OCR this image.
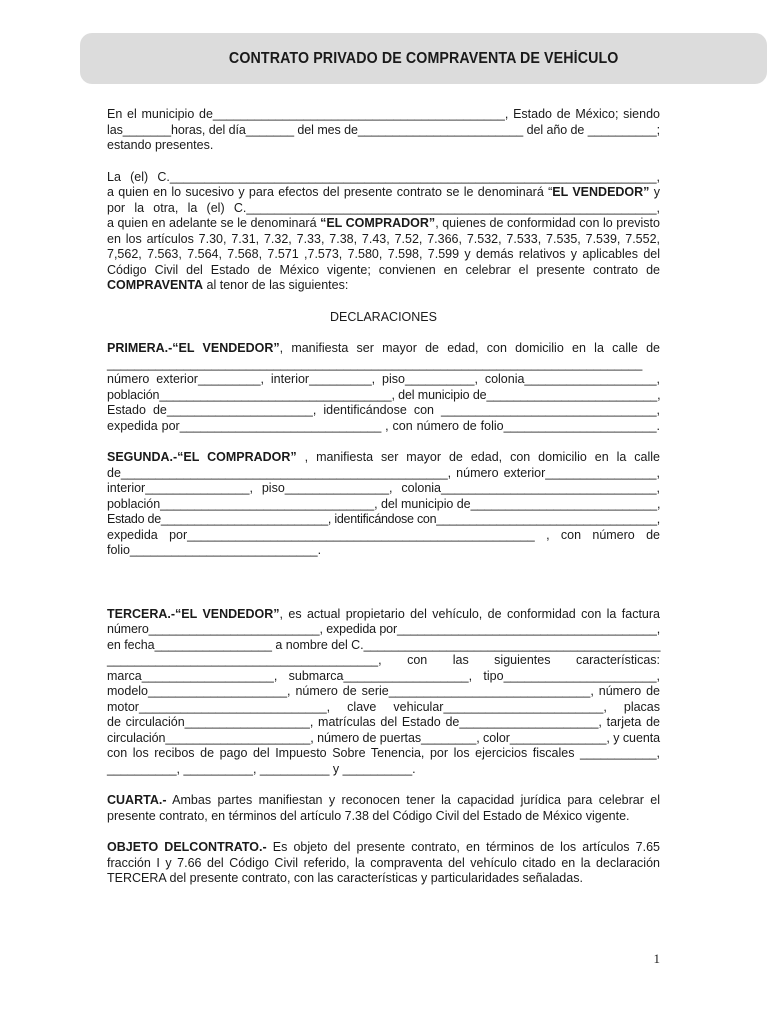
CONTRATO PRIVADO DE COMPRAVENTA DE VEHÍCULO

En el municipio de__________________________________________, Estado de México; siendo
las_______horas, del día_______ del mes de________________________ del año de __________;
estando presentes.

La (el) C.______________________________________________________________________,
a quien en lo sucesivo y para efectos del presente contrato se le denominará “EL VENDEDOR” y
por la otra, la (el) C.___________________________________________________________,
a quien en adelante se le denominará “EL COMPRADOR”, quienes de conformidad con lo previsto
en los artículos 7.30, 7.31, 7.32, 7.33, 7.38, 7.43, 7.52, 7.366, 7.532, 7.533, 7.535, 7.539, 7.552,
7,562, 7.563, 7.564, 7.568, 7.571 ,7.573, 7.580, 7.598, 7.599 y demás relativos y aplicables del
Código Civil del Estado de México vigente; convienen en celebrar el presente contrato de
COMPRAVENTA al tenor de las siguientes:

DECLARACIONES

PRIMERA.-“EL VENDEDOR”, manifiesta ser mayor de edad, con domicilio en la calle de
_____________________________________________________________________________
número exterior_________, interior_________, piso__________, colonia___________________,
población__________________________________, del municipio de_________________________,
Estado de_____________________, identificándose con _______________________________,
expedida por_____________________________ , con número de folio______________________.

SEGUNDA.-“EL COMPRADOR” , manifiesta ser mayor de edad, con domicilio en la calle
de_______________________________________________, número exterior________________,
interior_______________, piso_______________, colonia_______________________________,
población_______________________________, del municipio de___________________________,
Estado de_________________________, identificándose con_________________________________,
expedida por__________________________________________________ , con número de
folio___________________________.

TERCERA.-“EL VENDEDOR”, es actual propietario del vehículo, de conformidad con la factura
número_________________________, expedida por______________________________________,
en fecha_________________ a nombre del C.___________________________________________
_______________________________________, con las siguientes características:
marca___________________, submarca__________________, tipo______________________,
modelo____________________, número de serie_____________________________, número de
motor___________________________, clave vehicular_______________________, placas
de circulación__________________, matrículas del Estado de____________________, tarjeta de
circulación_____________________, número de puertas________, color______________, y cuenta
con los recibos de pago del Impuesto Sobre Tenencia, por los ejercicios fiscales ___________,
__________, __________, __________ y __________.

CUARTA.- Ambas partes manifiestan y reconocen tener la capacidad jurídica para celebrar el
presente contrato, en términos del artículo 7.38 del Código Civil del Estado de México vigente.

OBJETO DELCONTRATO.- Es objeto del presente contrato, en términos de los artículos 7.65
fracción I y 7.66 del Código Civil referido, la compraventa del vehículo citado en la declaración
TERCERA del presente contrato, con las características y particularidades señaladas.

1
